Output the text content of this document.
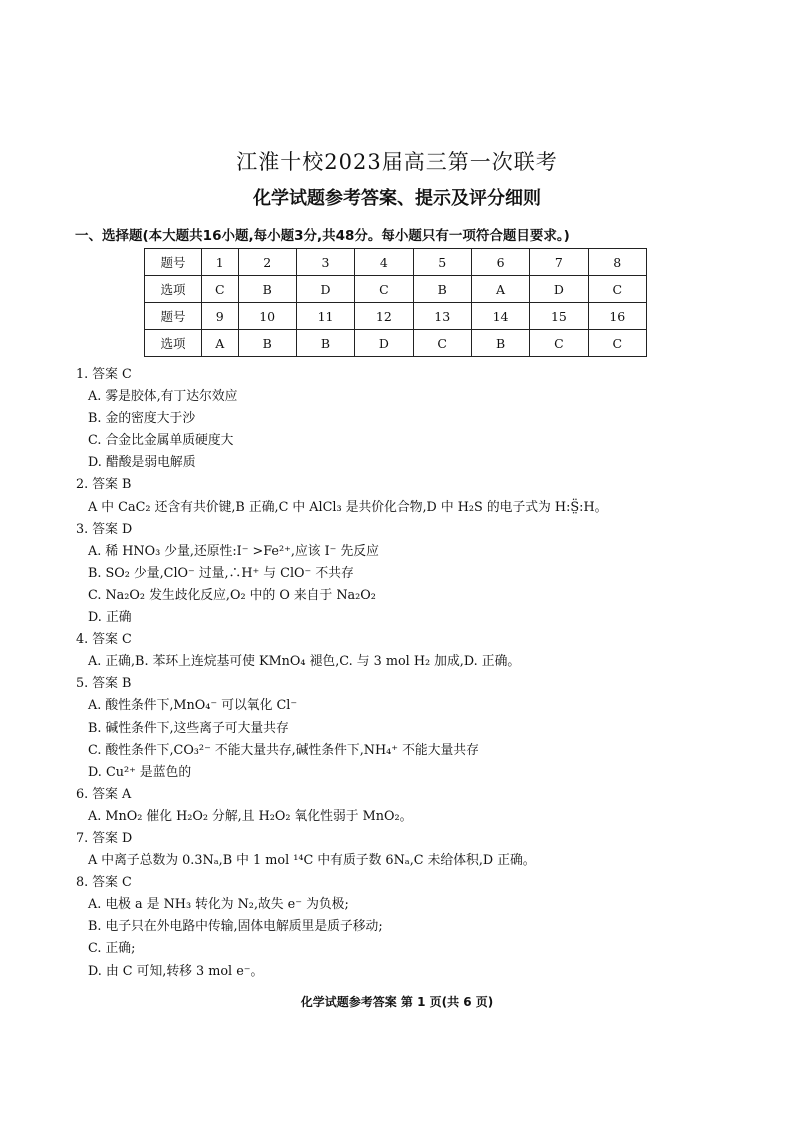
江淮十校2023届高三第一次联考
化学试题参考答案、提示及评分细则
一、选择题(本大题共16小题,每小题3分,共48分。每小题只有一项符合题目要求。)
题号	1	2	3	4	5	6	7	8
选项	C	B	D	C	B	A	D	C
题号	9	10	11	12	13	14	15	16
选项	A	B	B	D	C	B	C	C
1. 答案 C
A. 雾是胶体,有丁达尔效应
B. 金的密度大于沙
C. 合金比金属单质硬度大
D. 醋酸是弱电解质
2. 答案 B
A 中 CaC₂ 还含有共价键,B 正确,C 中 AlCl₃ 是共价化合物,D 中 H₂S 的电子式为 H:S̤̈:H。
3. 答案 D
A. 稀 HNO₃ 少量,还原性:I⁻ >Fe²⁺,应该 I⁻ 先反应
B. SO₂ 少量,ClO⁻ 过量,∴H⁺ 与 ClO⁻ 不共存
C. Na₂O₂ 发生歧化反应,O₂ 中的 O 来自于 Na₂O₂
D. 正确
4. 答案 C
A. 正确,B. 苯环上连烷基可使 KMnO₄ 褪色,C. 与 3 mol H₂ 加成,D. 正确。
5. 答案 B
A. 酸性条件下,MnO₄⁻ 可以氧化 Cl⁻
B. 碱性条件下,这些离子可大量共存
C. 酸性条件下,CO₃²⁻ 不能大量共存,碱性条件下,NH₄⁺ 不能大量共存
D. Cu²⁺ 是蓝色的
6. 答案 A
A. MnO₂ 催化 H₂O₂ 分解,且 H₂O₂ 氧化性弱于 MnO₂。
7. 答案 D
A 中离子总数为 0.3Nₐ,B 中 1 mol ¹⁴C 中有质子数 6Nₐ,C 未给体积,D 正确。
8. 答案 C
A. 电极 a 是 NH₃ 转化为 N₂,故失 e⁻ 为负极;
B. 电子只在外电路中传输,固体电解质里是质子移动;
C. 正确;
D. 由 C 可知,转移 3 mol e⁻。
化学试题参考答案 第 1 页(共 6 页)
